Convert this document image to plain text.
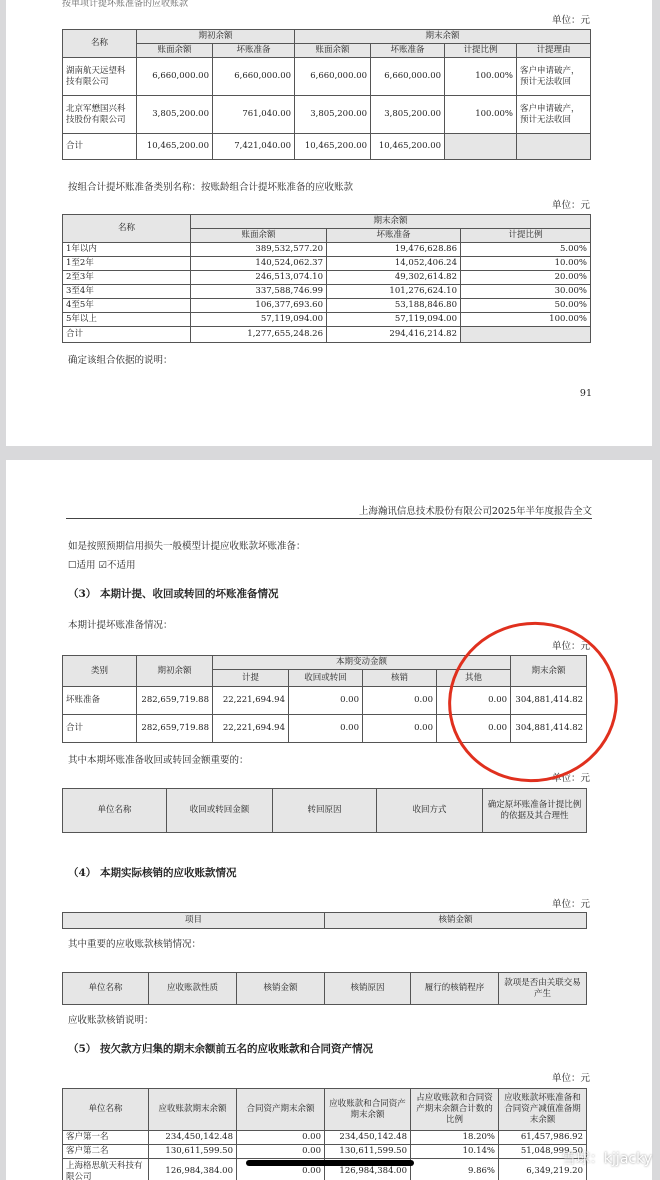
按单项计提坏账准备的应收账款
单位：元
名称	期初余额		期末余额			
	账面余额	坏账准备	账面余额	坏账准备	计提比例	计提理由
湖南航天远望科技有限公司	6,660,000.00	6,660,000.00	6,660,000.00	6,660,000.00	100.00%	客户申请破产，预计无法收回
北京军懋国兴科技股份有限公司	3,805,200.00	761,040.00	3,805,200.00	3,805,200.00	100.00%	客户申请破产，预计无法收回
合计	10,465,200.00	7,421,040.00	10,465,200.00	10,465,200.00		
按组合计提坏账准备类别名称：按账龄组合计提坏账准备的应收账款
单位：元
名称	期末余额		
	账面余额	坏账准备	计提比例
1年以内	389,532,577.20	19,476,628.86	5.00%
1至2年	140,524,062.37	14,052,406.24	10.00%
2至3年	246,513,074.10	49,302,614.82	20.00%
3至4年	337,588,746.99	101,276,624.10	30.00%
4至5年	106,377,693.60	53,188,846.80	50.00%
5年以上	57,119,094.00	57,119,094.00	100.00%
合计	1,277,655,248.26	294,416,214.82	
确定该组合依据的说明：
91
上海瀚讯信息技术股份有限公司2025年半年度报告全文
如是按照预期信用损失一般模型计提应收账款坏账准备：
☐适用 ☑不适用
（3） 本期计提、收回或转回的坏账准备情况
本期计提坏账准备情况：
单位：元
类别	期初余额	本期变动金额				期末余额
		计提	收回或转回	核销	其他	
坏账准备	282,659,719.88	22,221,694.94	0.00	0.00	0.00	304,881,414.82
合计	282,659,719.88	22,221,694.94	0.00	0.00	0.00	304,881,414.82
其中本期坏账准备收回或转回金额重要的：
单位：元
单位名称	收回或转回金额	转回原因	收回方式	确定原坏账准备计提比例的依据及其合理性
（4） 本期实际核销的应收账款情况
单位：元
项目	核销金额
其中重要的应收账款核销情况：
单位名称	应收账款性质	核销金额	核销原因	履行的核销程序	款项是否由关联交易产生
应收账款核销说明：
（5） 按欠款方归集的期末余额前五名的应收账款和合同资产情况
单位：元
单位名称	应收账款期末余额	合同资产期末余额	应收账款和合同资产期末余额	占应收账款和合同资产期末余额合计数的比例	应收账款坏账准备和合同资产减值准备期末余额
客户第一名	234,450,142.48	0.00	234,450,142.48	18.20%	61,457,986.92
客户第二名	130,611,599.50	0.00	130,611,599.50	10.14%	51,048,999.50
上海格思航天科技有限公司	126,984,384.00	0.00	126,984,384.00	9.86%	6,349,219.20
雪球：kjjacky
